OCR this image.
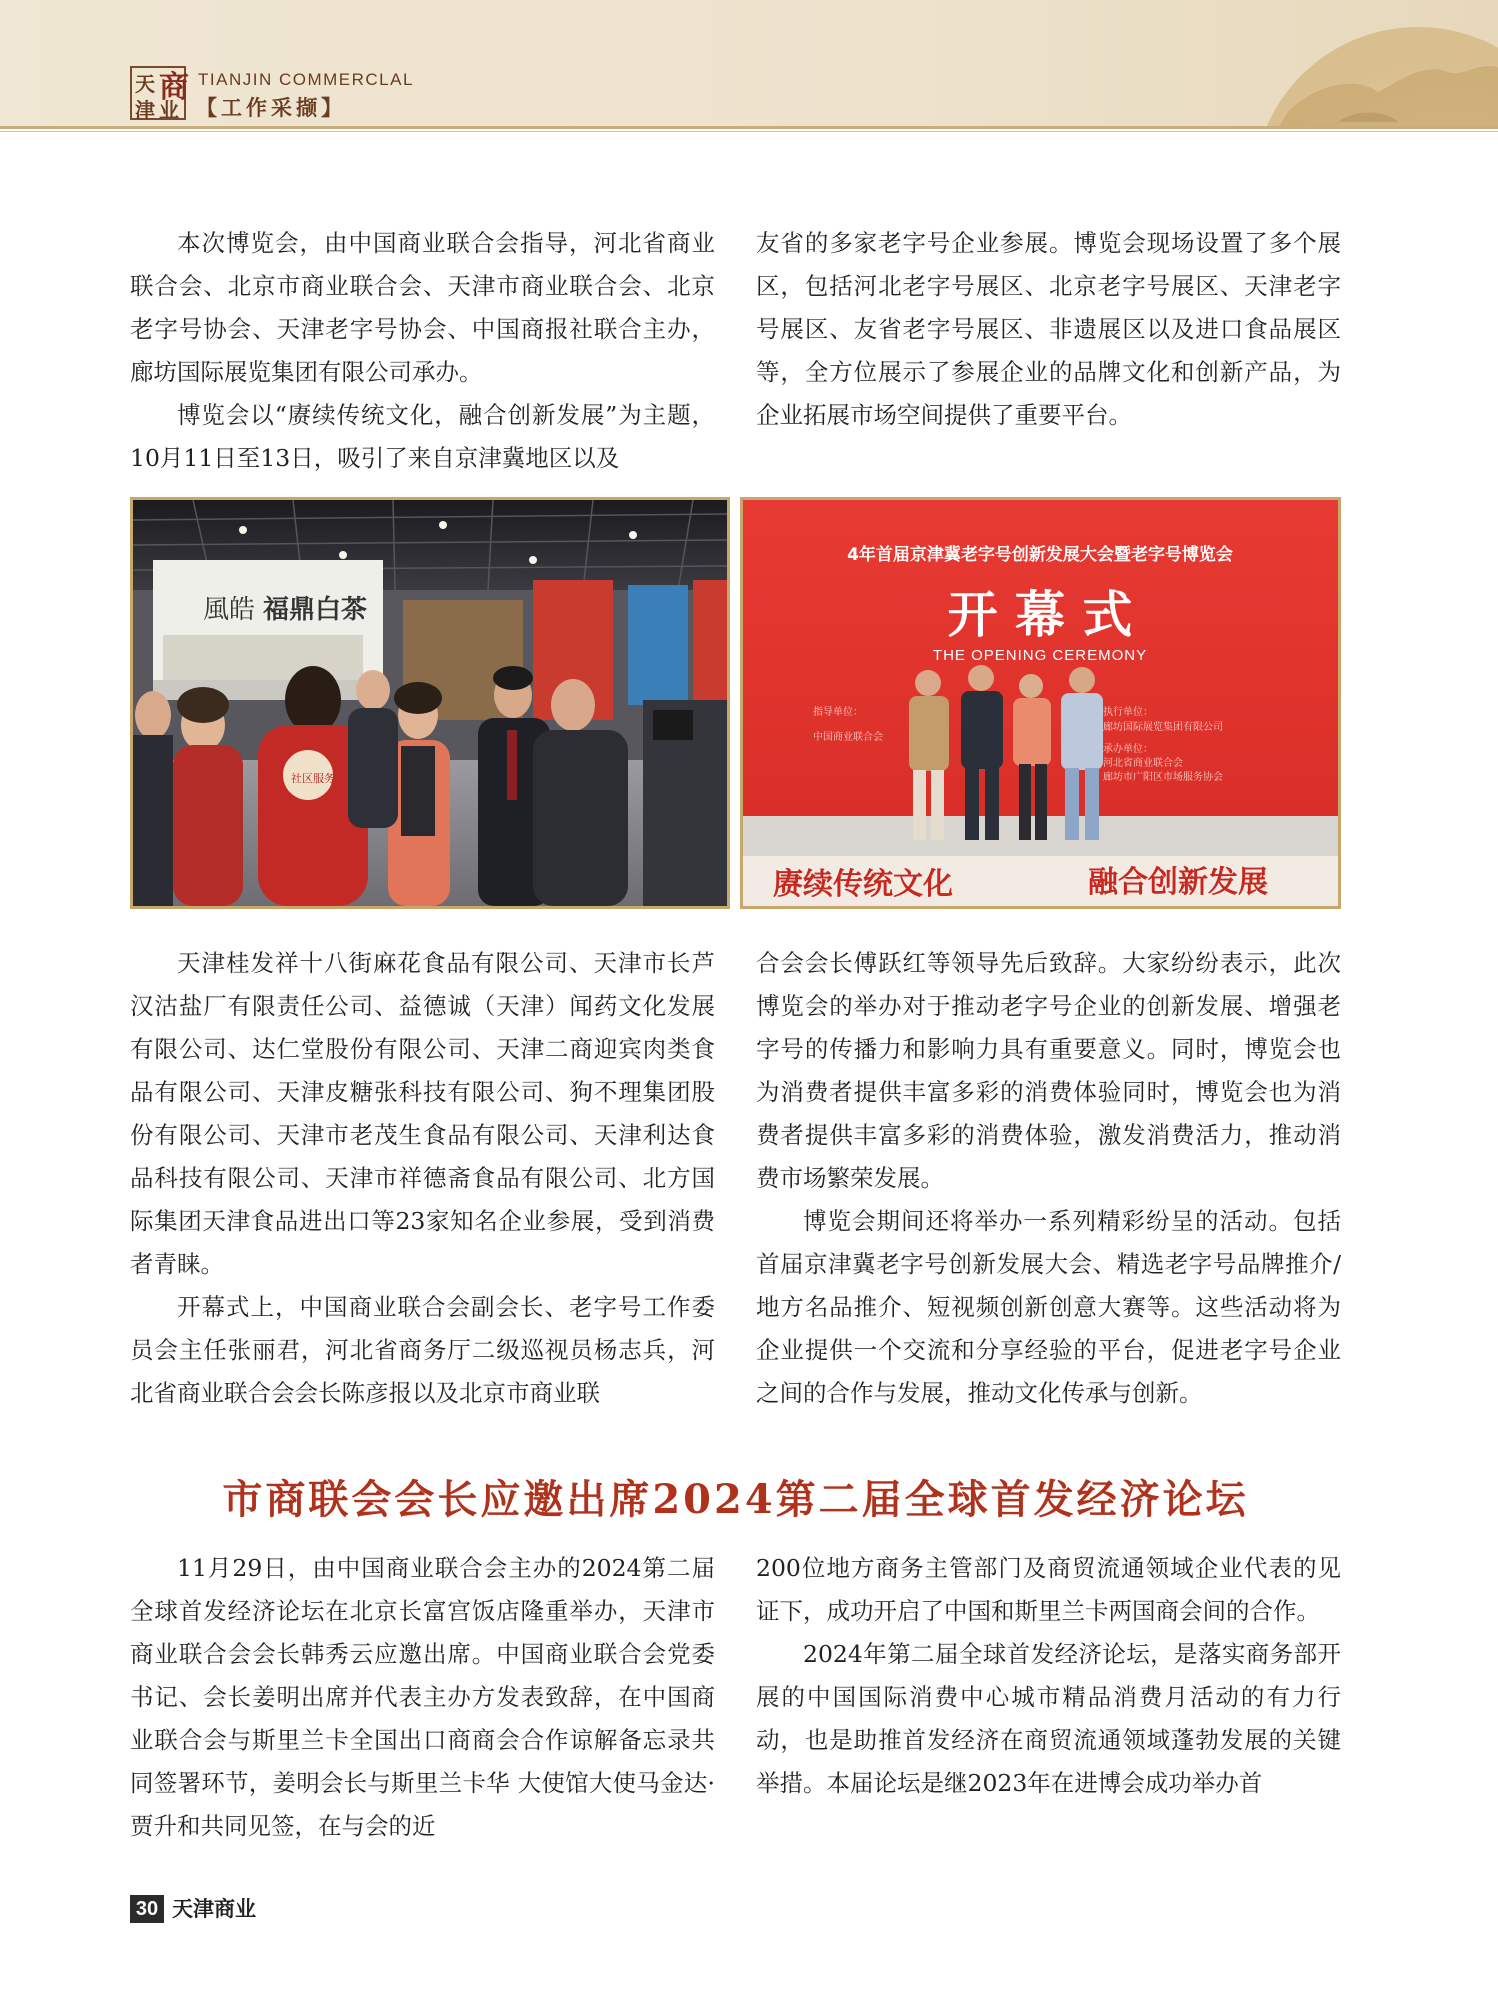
天 商
津 业
TIANJIN COMMERCLAL
【工作采撷】

本次博览会，由中国商业联合会指导，河北省商业联合会、北京市商业联合会、天津市商业联合会、北京老字号协会、天津老字号协会、中国商报社联合主办，廊坊国际展览集团有限公司承办。

博览会以“赓续传统文化，融合创新发展”为主题，10月11日至13日，吸引了来自京津冀地区以及

友省的多家老字号企业参展。博览会现场设置了多个展区，包括河北老字号展区、北京老字号展区、天津老字号展区、友省老字号展区、非遗展区以及进口食品展区等，全方位展示了参展企业的品牌文化和创新产品，为企业拓展市场空间提供了重要平台。

風皓 福鼎白茶
社区服务
4年首届京津冀老字号创新发展大会暨老字号博览会
开 幕 式
THE OPENING CEREMONY
指导单位：
中国商业联合会
执行单位：
廊坊国际展览集团有限公司
承办单位：
河北省商业联合会
廊坊市广阳区市场服务协会
赓续传统文化	融合创新发展

天津桂发祥十八街麻花食品有限公司、天津市长芦汉沽盐厂有限责任公司、益德诚（天津）闻药文化发展有限公司、达仁堂股份有限公司、天津二商迎宾肉类食品有限公司、天津皮糖张科技有限公司、狗不理集团股份有限公司、天津市老茂生食品有限公司、天津利达食品科技有限公司、天津市祥德斋食品有限公司、北方国际集团天津食品进出口等23家知名企业参展，受到消费者青睐。

开幕式上，中国商业联合会副会长、老字号工作委员会主任张丽君，河北省商务厅二级巡视员杨志兵，河北省商业联合会会长陈彦报以及北京市商业联

合会会长傅跃红等领导先后致辞。大家纷纷表示，此次博览会的举办对于推动老字号企业的创新发展、增强老字号的传播力和影响力具有重要意义。同时，博览会也为消费者提供丰富多彩的消费体验同时，博览会也为消费者提供丰富多彩的消费体验，激发消费活力，推动消费市场繁荣发展。

博览会期间还将举办一系列精彩纷呈的活动。包括首届京津冀老字号创新发展大会、精选老字号品牌推介/地方名品推介、短视频创新创意大赛等。这些活动将为企业提供一个交流和分享经验的平台，促进老字号企业之间的合作与发展，推动文化传承与创新。

市商联会会长应邀出席2024第二届全球首发经济论坛

11月29日，由中国商业联合会主办的2024第二届全球首发经济论坛在北京长富宫饭店隆重举办，天津市商业联合会会长韩秀云应邀出席。中国商业联合会党委书记、会长姜明出席并代表主办方发表致辞，在中国商业联合会与斯里兰卡全国出口商商会合作谅解备忘录共同签署环节，姜明会长与斯里兰卡华 大使馆大使马金达·贾升和共同见签，在与会的近

200位地方商务主管部门及商贸流通领域企业代表的见证下，成功开启了中国和斯里兰卡两国商会间的合作。

2024年第二届全球首发经济论坛，是落实商务部开展的中国国际消费中心城市精品消费月活动的有力行动，也是助推首发经济在商贸流通领域蓬勃发展的关键举措。本届论坛是继2023年在进博会成功举办首

30 天津商业
